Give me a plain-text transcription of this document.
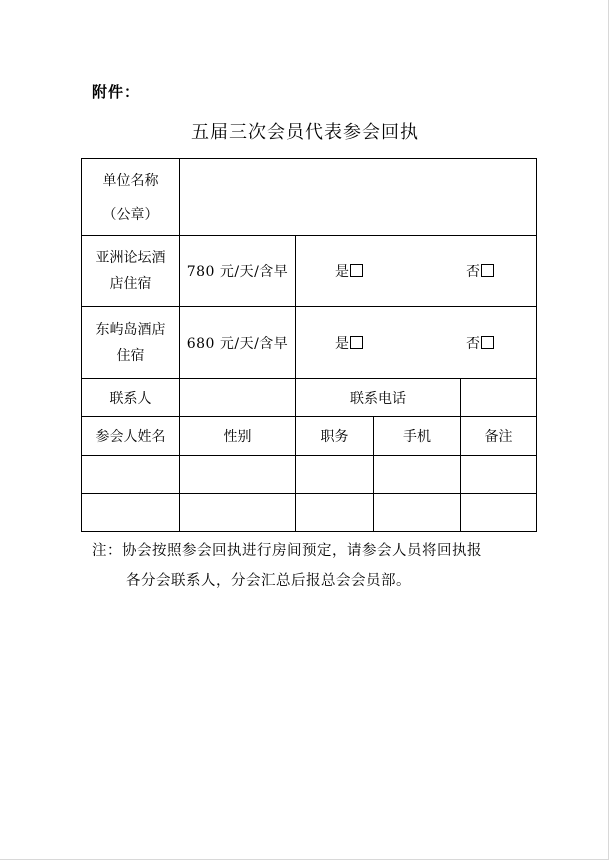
附件：
五届三次会员代表参会回执
单位名称
（公章）				

亚洲论坛酒
店住宿	780 元/天/含早	是 否		

东屿岛酒店
住宿	680 元/天/含早	是 否		

联系人		联系电话		
参会人姓名	性别	职务	手机	备注

注：协会按照参会回执进行房间预定，请参会人员将回执报
各分会联系人，分会汇总后报总会会员部。
